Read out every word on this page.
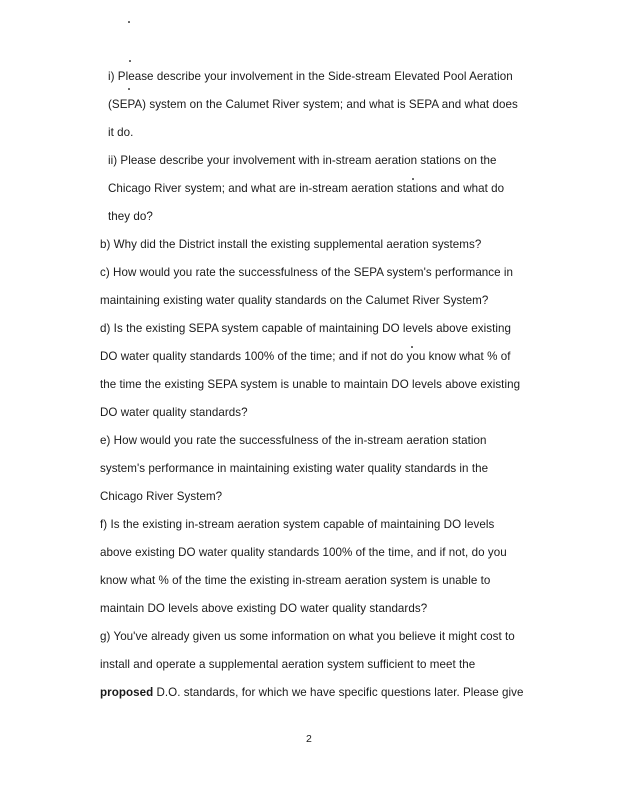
i) Please describe your involvement in the Side-stream Elevated Pool Aeration
(SEPA) system on the Calumet River system; and what is SEPA and what does
it do.
ii) Please describe your involvement with in-stream aeration stations on the
Chicago River system; and what are in-stream aeration stations and what do
they do?
b) Why did the District install the existing supplemental aeration systems?
c) How would you rate the successfulness of the SEPA system's performance in
maintaining existing water quality standards on the Calumet River System?
d) Is the existing SEPA system capable of maintaining DO levels above existing
DO water quality standards 100% of the time; and if not do you know what % of
the time the existing SEPA system is unable to maintain DO levels above existing
DO water quality standards?
e) How would you rate the successfulness of the in-stream aeration station
system's performance in maintaining existing water quality standards in the
Chicago River System?
f) Is the existing in-stream aeration system capable of maintaining DO levels
above existing DO water quality standards 100% of the time, and if not, do you
know what % of the time the existing in-stream aeration system is unable to
maintain DO levels above existing DO water quality standards?
g) You've already given us some information on what you believe it might cost to
install and operate a supplemental aeration system sufficient to meet the
proposed D.O. standards, for which we have specific questions later. Please give
2
